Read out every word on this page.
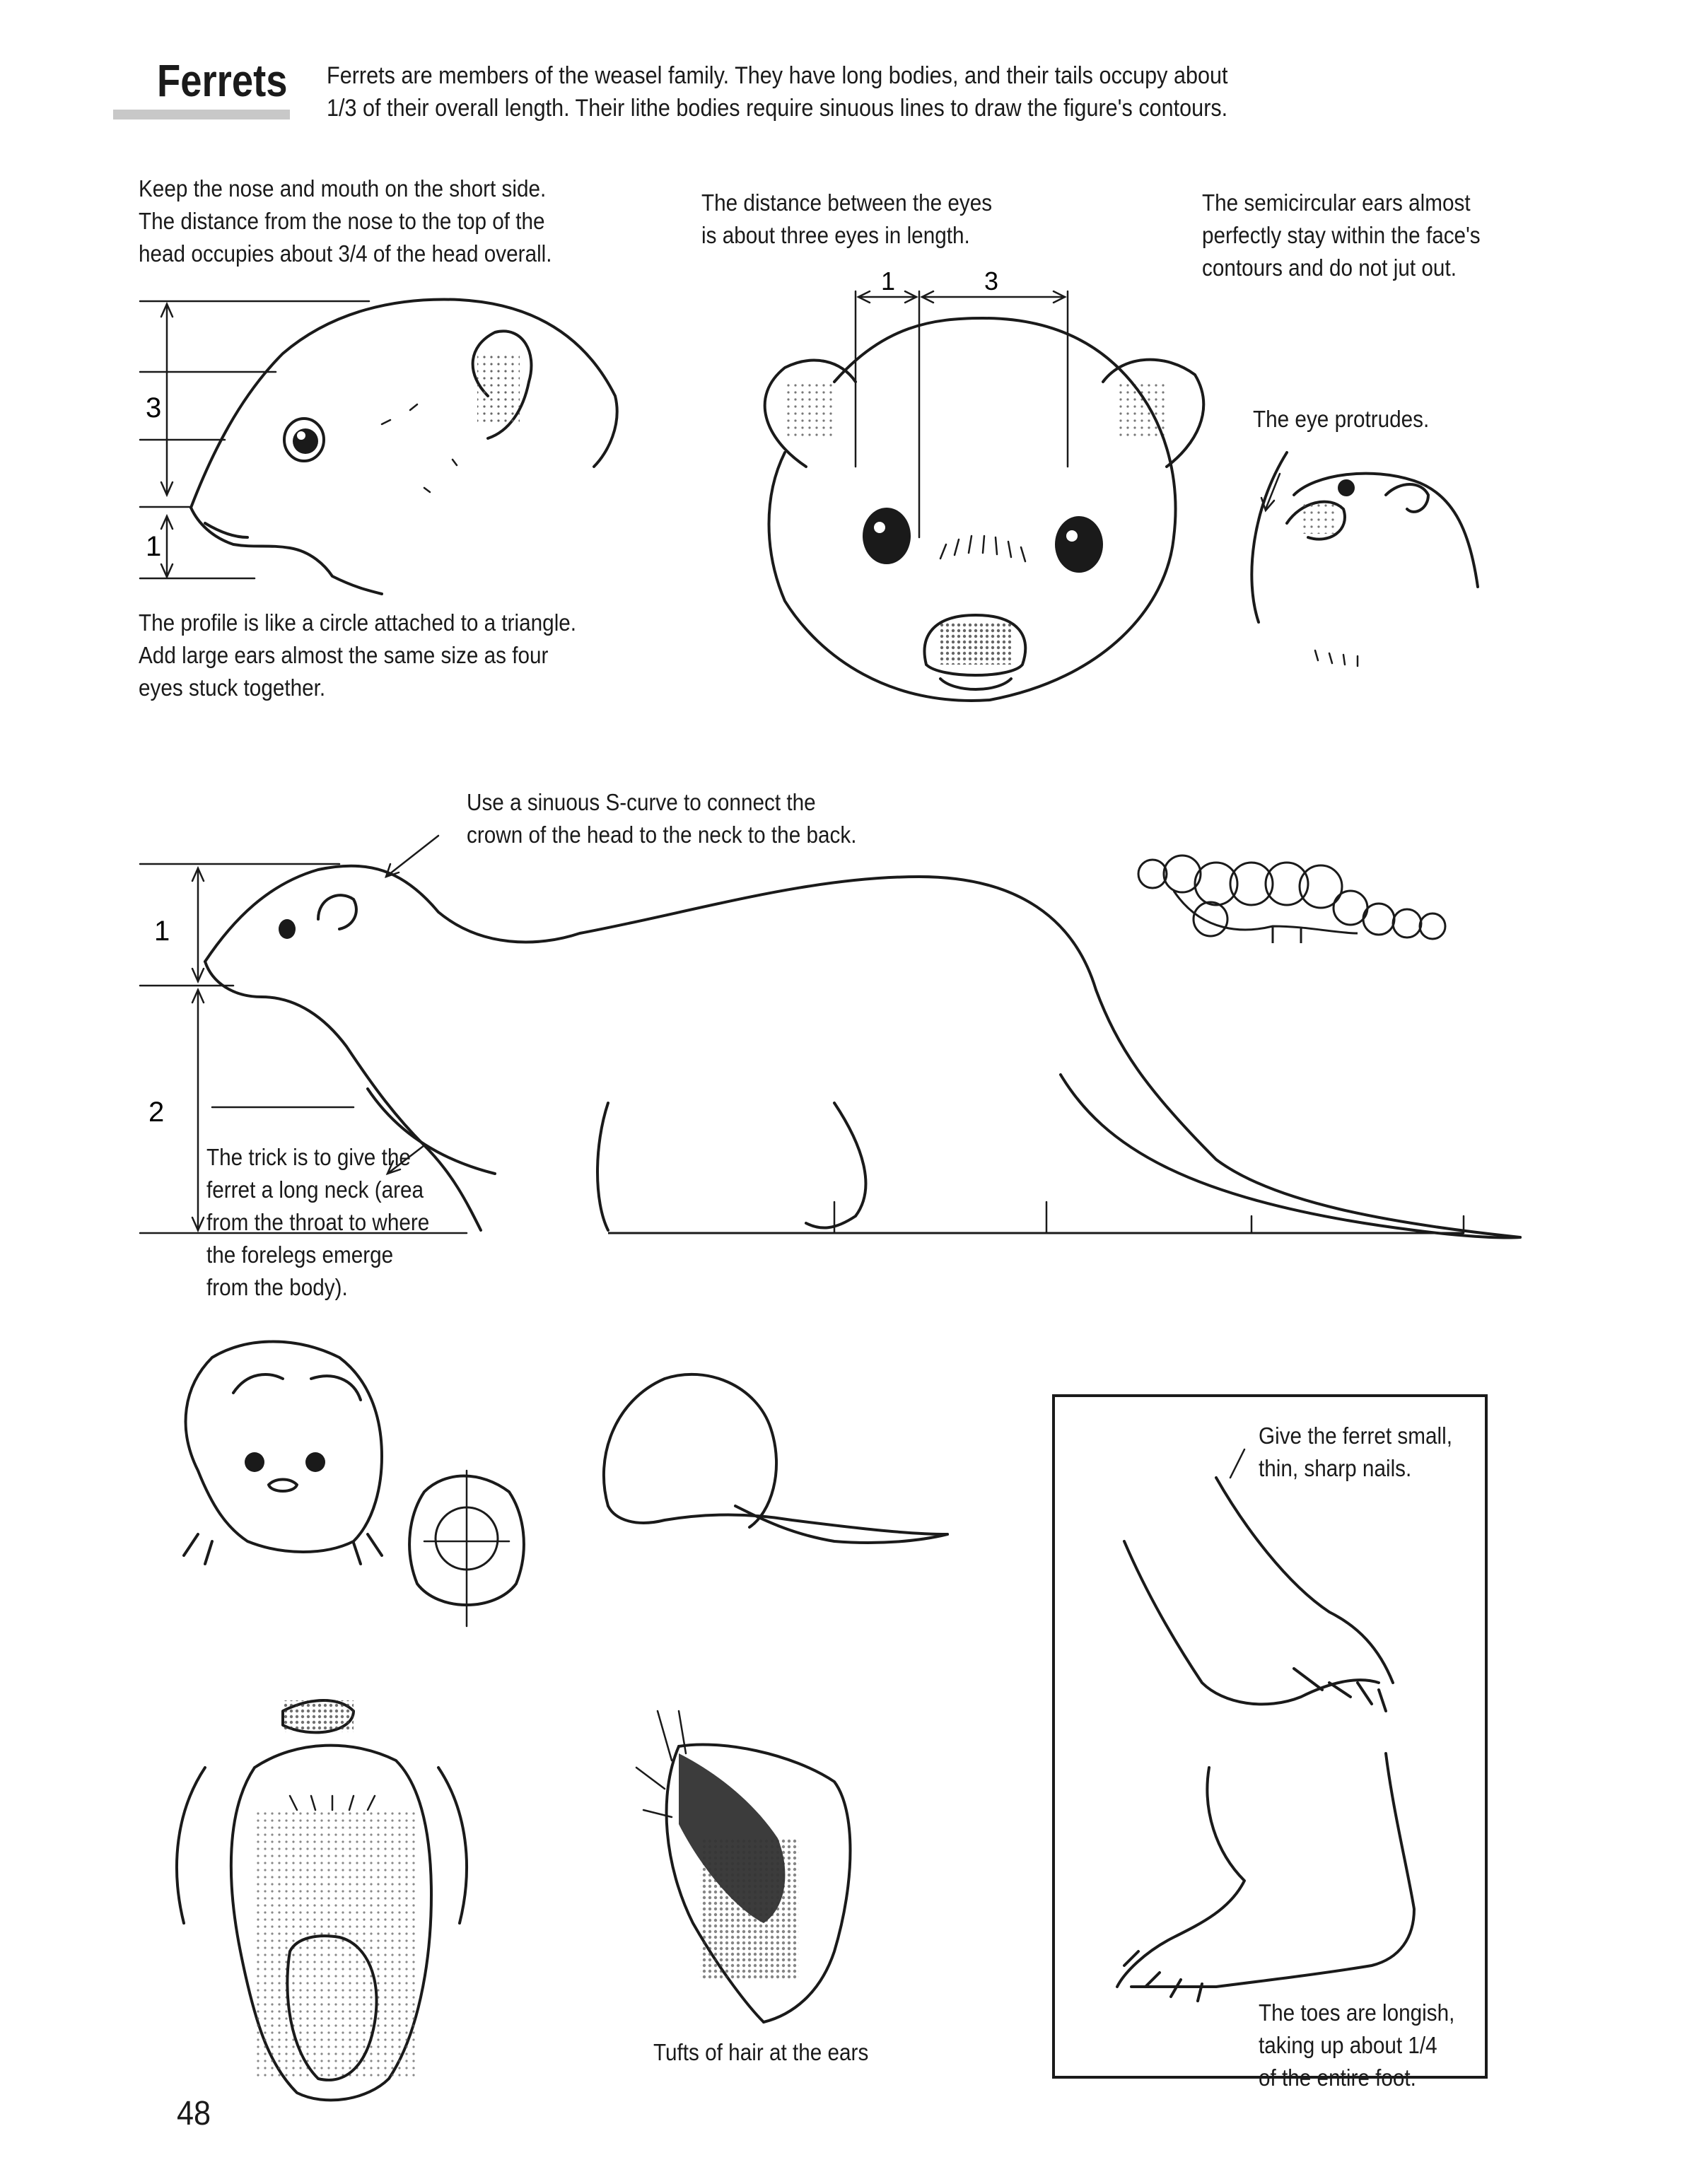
Ferrets Ferrets are members of the weasel family. They have long bodies, and their tails occupy about
1/3 of their overall length. Their lithe bodies require sinuous lines to draw the figure's contours.
Keep the nose and mouth on the short side.
The distance from the nose to the top of the
head occupies about 3/4 of the head overall.
The distance between the eyes
is about three eyes in length.
The semicircular ears almost
perfectly stay within the face's
contours and do not jut out.
The eye protrudes.
The profile is like a circle attached to a triangle.
Add large ears almost the same size as four
eyes stuck together.
Use a sinuous S-curve to connect the
crown of the head to the neck to the back.
The trick is to give the
ferret a long neck (area
from the throat to where
the forelegs emerge
from the body).
Give the ferret small,
thin, sharp nails.
The toes are longish,
taking up about 1/4
of the entire foot.
Tufts of hair at the ears
48
3
1
1	3
1
2
